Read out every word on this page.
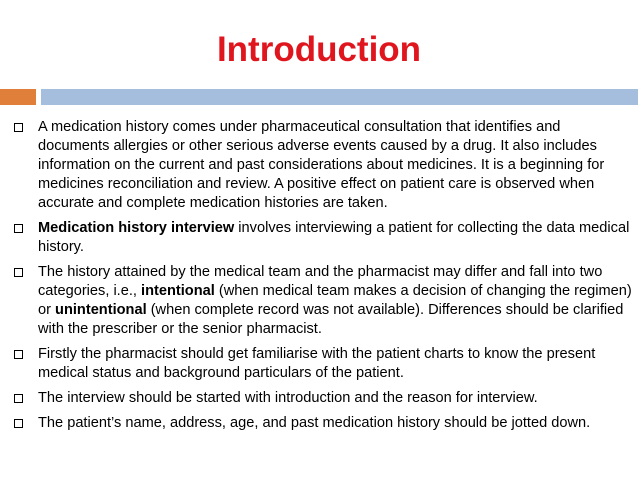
Introduction
A medication history comes under pharmaceutical consultation that identifies and documents allergies or other serious adverse events caused by a drug. It also includes information on the current and past considerations about medicines. It is a beginning for medicines reconciliation and review. A positive effect on patient care is observed when accurate and complete medication histories are taken.
Medication history interview involves interviewing a patient for collecting the data medical history.
The history attained by the medical team and the pharmacist may differ and fall into two categories, i.e., intentional (when medical team makes a decision of changing the regimen) or unintentional (when complete record was not available). Differences should be clarified with the prescriber or the senior pharmacist.
Firstly the pharmacist should get familiarise with the patient charts to know the present medical status and background particulars of the patient.
The interview should be started with introduction and the reason for interview.
The patient’s name, address, age, and past medication history should be jotted down.
